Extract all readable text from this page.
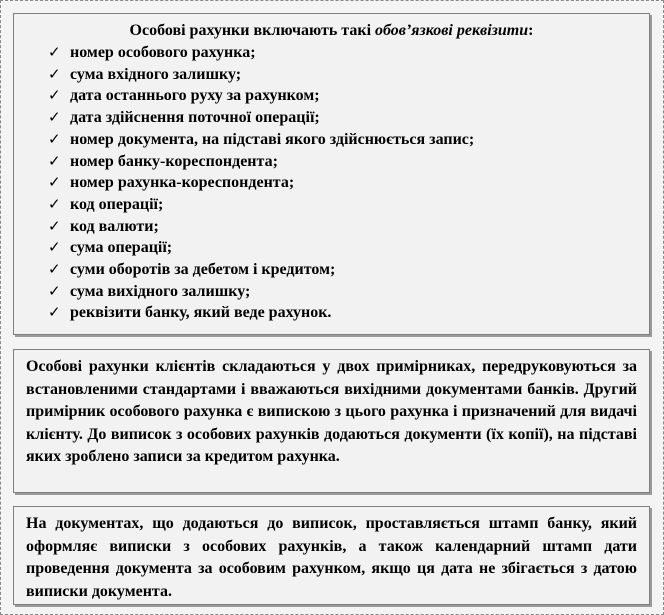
Особові рахунки включають такі обов’язкові реквізити:
✓ номер особового рахунка;
✓ сума вхідного залишку;
✓ дата останнього руху за рахунком;
✓ дата здійснення поточної операції;
✓ номер документа, на підставі якого здійснюється запис;
✓ номер банку-кореспондента;
✓ номер рахунка-кореспондента;
✓ код операції;
✓ код валюти;
✓ сума операції;
✓ суми оборотів за дебетом і кредитом;
✓ сума вихідного залишку;
✓ реквізити банку, який веде рахунок.
Особові рахунки клієнтів складаються у двох примірниках, передруковуються за встановленими стандартами і вважаються вихідними документами банків. Другий примірник особового рахунка є випискою з цього рахунка і призначений для видачі клієнту. До виписок з особових рахунків додаються документи (їх копії), на підставі яких зроблено записи за кредитом рахунка.
На документах, що додаються до виписок, проставляється штамп банку, який оформляє виписки з особових рахунків, а також календарний штамп дати проведення документа за особовим рахунком, якщо ця дата не збігається з датою виписки документа.
